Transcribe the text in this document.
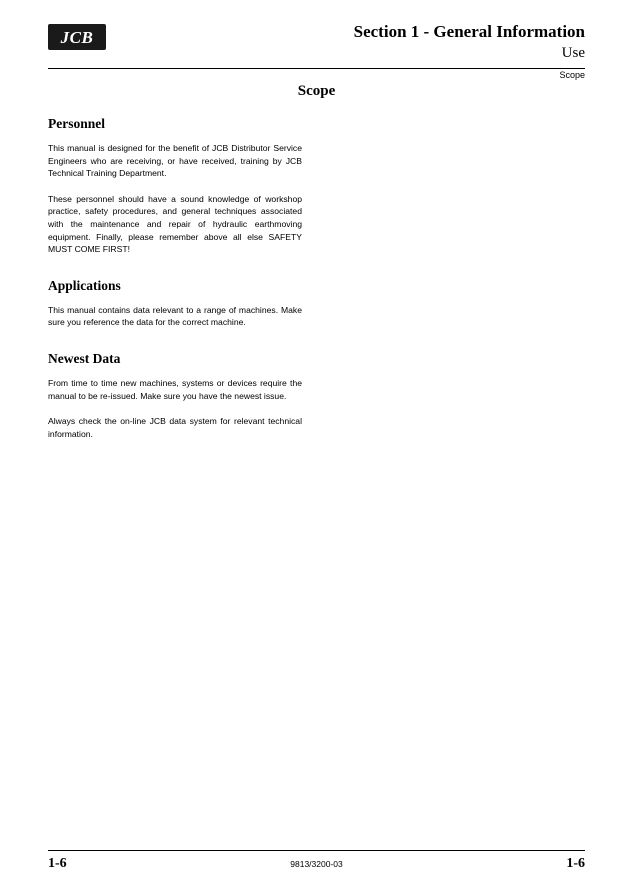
JCB	Section 1 - General Information
Use
Scope
Scope
Personnel

This manual is designed for the benefit of JCB Distributor Service Engineers who are receiving, or have received, training by JCB Technical Training Department.

These personnel should have a sound knowledge of workshop practice, safety procedures, and general techniques associated with the maintenance and repair of hydraulic earthmoving equipment. Finally, please remember above all else SAFETY MUST COME FIRST!

Applications

This manual contains data relevant to a range of machines. Make sure you reference the data for the correct machine.

Newest Data

From time to time new machines, systems or devices require the manual to be re-issued. Make sure you have the newest issue.

Always check the on-line JCB data system for relevant technical information.

1-6	9813/3200-03	1-6
